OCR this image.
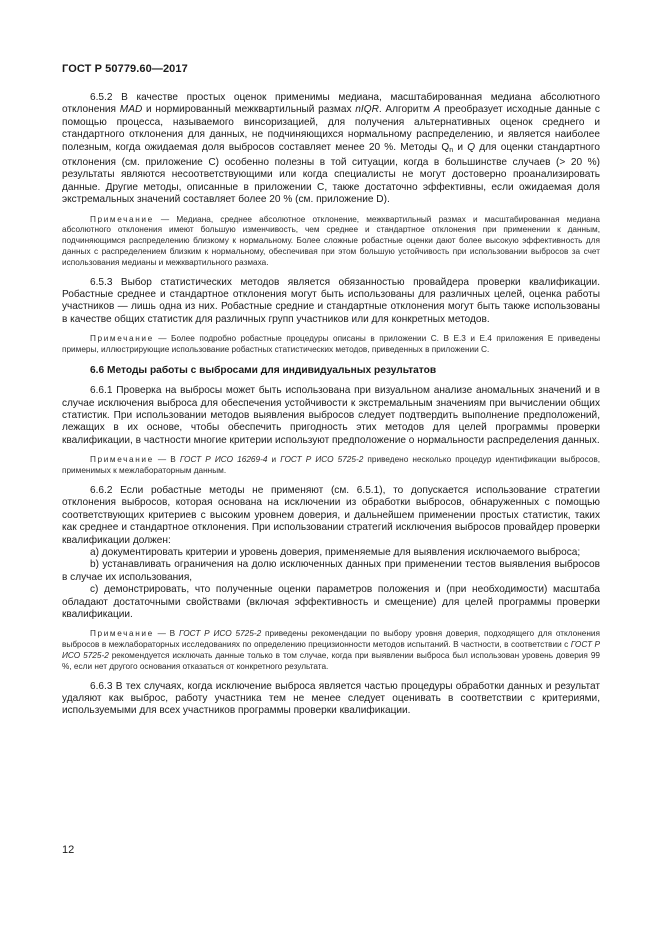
ГОСТ Р 50779.60—2017

6.5.2 В качестве простых оценок применимы медиана, масштабированная медиана абсолютного отклонения MAD и нормированный межквартильный размах nIQR. Алгоритм А преобразует исходные данные с помощью процесса, называемого винсоризацией, для получения альтернативных оценок среднего и стандартного отклонения для данных, не подчиняющихся нормальному распределению, и является наиболее полезным, когда ожидаемая доля выбросов составляет менее 20 %. Методы $Q_n$ и Q для оценки стандартного отклонения (см. приложение С) особенно полезны в той ситуации, когда в большинстве случаев (> 20 %) результаты являются несоответствующими или когда специалисты не могут достоверно проанализировать данные. Другие методы, описанные в приложении С, также достаточно эффективны, если ожидаемая доля экстремальных значений составляет более 20 % (см. приложение D).

Примечание — Медиана, среднее абсолютное отклонение, межквартильный размах и масштабированная медиана абсолютного отклонения имеют большую изменчивость, чем среднее и стандартное отклонения при применении к данным, подчиняющимся распределению близкому к нормальному. Более сложные робастные оценки дают более высокую эффективность для данных с распределением близким к нормальному, обеспечивая при этом большую устойчивость при использовании выбросов за счет использования медианы и межквартильного размаха.

6.5.3 Выбор статистических методов является обязанностью провайдера проверки квалификации. Робастные среднее и стандартное отклонения могут быть использованы для различных целей, оценка работы участников — лишь одна из них. Робастные средние и стандартные отклонения могут быть также использованы в качестве общих статистик для различных групп участников или для конкретных методов.

Примечание — Более подробно робастные процедуры описаны в приложении С. В Е.3 и Е.4 приложения Е приведены примеры, иллюстрирующие использование робастных статистических методов, приведенных в приложении С.

6.6 Методы работы с выбросами для индивидуальных результатов

6.6.1 Проверка на выбросы может быть использована при визуальном анализе аномальных значений и в случае исключения выброса для обеспечения устойчивости к экстремальным значениям при вычислении общих статистик. При использовании методов выявления выбросов следует подтвердить выполнение предположений, лежащих в их основе, чтобы обеспечить пригодность этих методов для целей программы проверки квалификации, в частности многие критерии используют предположение о нормальности распределения данных.

Примечание — В ГОСТ Р ИСО 16269-4 и ГОСТ Р ИСО 5725-2 приведено несколько процедур идентификации выбросов, применимых к межлабораторным данным.

6.6.2 Если робастные методы не применяют (см. 6.5.1), то допускается использование стратегии отклонения выбросов, которая основана на исключении из обработки выбросов, обнаруженных с помощью соответствующих критериев с высоким уровнем доверия, и дальнейшем применении простых статистик, таких как среднее и стандартное отклонения. При использовании стратегий исключения выбросов провайдер проверки квалификации должен:

а) документировать критерии и уровень доверия, применяемые для выявления исключаемого выброса;

b) устанавливать ограничения на долю исключенных данных при применении тестов выявления выбросов в случае их использования,

с) демонстрировать, что полученные оценки параметров положения и (при необходимости) масштаба обладают достаточными свойствами (включая эффективность и смещение) для целей программы проверки квалификации.

Примечание — В ГОСТ Р ИСО 5725-2 приведены рекомендации по выбору уровня доверия, подходящего для отклонения выбросов в межлабораторных исследованиях по определению прецизионности методов испытаний. В частности, в соответствии с ГОСТ Р ИСО 5725-2 рекомендуется исключать данные только в том случае, когда при выявлении выброса был использован уровень доверия 99 %, если нет другого основания отказаться от конкретного результата.

6.6.3 В тех случаях, когда исключение выброса является частью процедуры обработки данных и результат удаляют как выброс, работу участника тем не менее следует оценивать в соответствии с критериями, используемыми для всех участников программы проверки квалификации.

12
